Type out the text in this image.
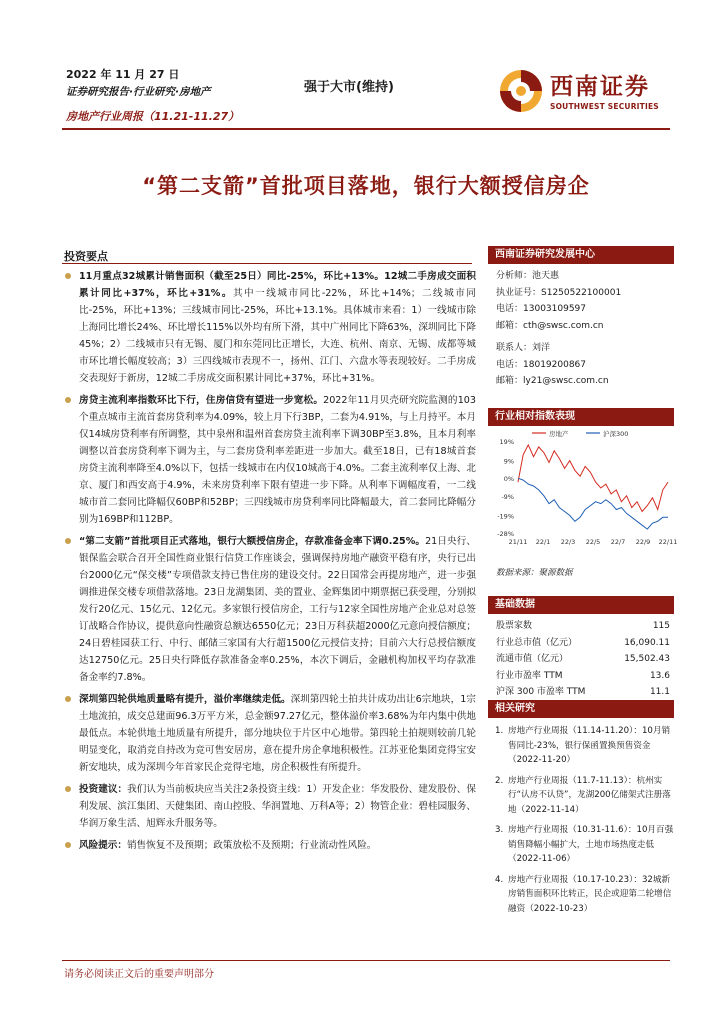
2022 年 11 月 27 日
证券研究报告·行业研究·房地产
房地产行业周报（11.21-11.27）
强于大市(维持)	西南证券
SOUTHWEST SECURITIES
“第二支箭”首批项目落地，银行大额授信房企
投资要点
11月重点32城累计销售面积（截至25日）同比-25%，环比+13%。12城二手房成交面积累计同比+37%，环比+31%。其中一线城市同比-22%，环比+14%；二线城市同比-25%，环比+13%；三线城市同比-25%，环比+13.1%。具体城市来看：1）一线城市除上海同比增长24%、环比增长115%以外均有所下滑，其中广州同比下降63%，深圳同比下降45%；2）二线城市只有无锡、厦门和东莞同比正增长，大连、杭州、南京、无锡、成都等城市环比增长幅度较高；3）三四线城市表现不一，扬州、江门、六盘水等表现较好。二手房成交表现好于新房，12城二手房成交面积累计同比+37%，环比+31%。
房贷主流利率指数环比下行，住房信贷有望进一步宽松。2022年11月贝壳研究院监测的103个重点城市主流首套房贷利率为4.09%，较上月下行3BP，二套为4.91%，与上月持平。本月仅14城房贷利率有所调整，其中泉州和温州首套房贷主流利率下调30BP至3.8%，且本月利率调整以首套房贷利率下调为主，与二套房贷利率差距进一步加大。截至18日，已有18城首套房贷主流利率降至4.0%以下，包括一线城市在内仅10城高于4.0%。二套主流利率仅上海、北京、厦门和西安高于4.9%，未来房贷利率下限有望进一步下降。从利率下调幅度看，一二线城市首二套同比降幅仅60BP和52BP；三四线城市房贷利率同比降幅最大，首二套同比降幅分别为169BP和112BP。
“第二支箭”首批项目正式落地，银行大额授信房企，存款准备金率下调0.25%。21日央行、银保监会联合召开全国性商业银行信贷工作座谈会，强调保持房地产融资平稳有序，央行已出台2000亿元“保交楼”专项借款支持已售住房的建设交付。22日国常会再提房地产，进一步强调推进保交楼专项借款落地。23日龙湖集团、美的置业、金辉集团中期票据已获受理，分别拟发行20亿元、15亿元、12亿元。多家银行授信房企，工行与12家全国性房地产企业总对总签订战略合作协议，提供意向性融资总额达6550亿元；23日万科获超2000亿元意向授信额度；24日碧桂园获工行、中行、邮储三家国有大行超1500亿元授信支持；目前六大行总授信额度达12750亿元。25日央行降低存款准备金率0.25%，本次下调后，金融机构加权平均存款准备金率约7.8%。
深圳第四轮供地质量略有提升，溢价率继续走低。深圳第四轮土拍共计成功出让6宗地块，1宗土地流拍，成交总建面96.3万平方米，总金额97.27亿元，整体溢价率3.68%为年内集中供地最低点。本轮供地土地质量有所提升，部分地块位于片区中心地带。第四轮土拍规则较前几轮明显变化，取消竞自持改为竞可售安居房，意在提升房企拿地积极性。江苏亚伦集团竞得宝安新安地块，成为深圳今年首家民企竞得宅地，房企积极性有所提升。
投资建议：我们认为当前板块应当关注2条投资主线：1）开发企业：华发股份、建发股份、保利发展、滨江集团、天健集团、南山控股、华润置地、万科A等；2）物管企业：碧桂园服务、华润万象生活、旭辉永升服务等。
风险提示：销售恢复不及预期；政策放松不及预期；行业流动性风险。
西南证券研究发展中心
分析师：池天惠
执业证号：S1250522100001
电话：13003109597
邮箱：cth@swsc.com.cn
联系人：刘洋
电话：18019200867
邮箱：ly21@swsc.com.cn
行业相对指数表现
19%
9%
0%
-9%
-19%
-28%
21/11 22/1 22/3 22/5 22/7 22/9 22/11
房地产	沪深300
数据来源：聚源数据
基础数据
股票家数	115
行业总市值（亿元）	16,090.11
流通市值（亿元）	15,502.43
行业市盈率 TTM	13.6
沪深 300 市盈率 TTM	11.1
相关研究
1. 房地产行业周报（11.14-11.20）：10月销售同比-23%，银行保函置换预售资金（2022-11-20）
2. 房地产行业周报（11.7-11.13）：杭州实行“认房不认贷”，龙湖200亿储架式注册落地（2022-11-14）
3. 房地产行业周报（10.31-11.6）：10月百强销售降幅小幅扩大，土地市场热度走低（2022-11-06）
4. 房地产行业周报（10.17-10.23）：32城新房销售面积环比转正，民企或迎第二轮增信融资（2022-10-23）
请务必阅读正文后的重要声明部分
